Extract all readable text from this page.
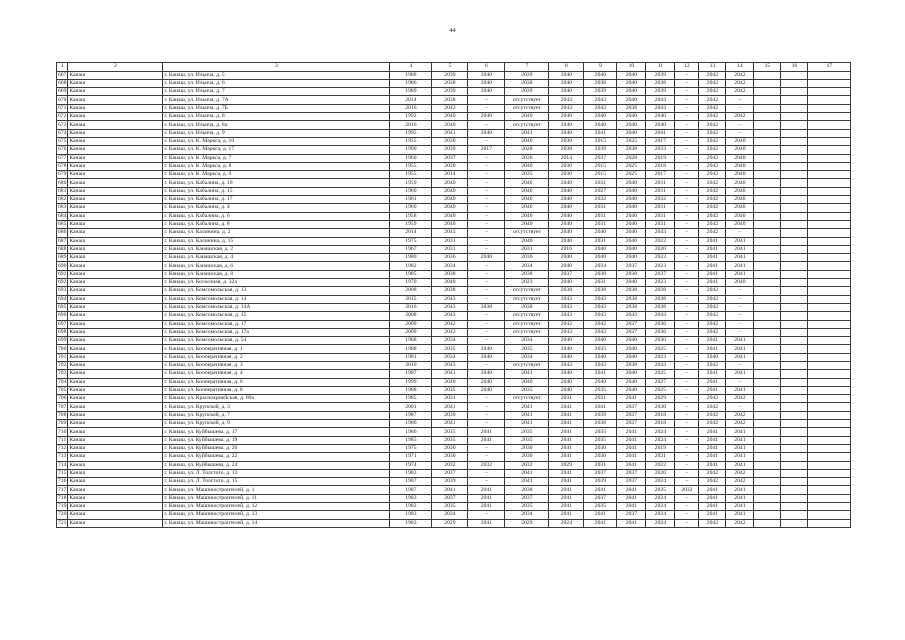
44
1	2	3	4	5	6	7	8	9	10	11	12	13	14	15	16	17
667	Канаш	г. Канаш, ул. Ильича, д. 5	1988	2039	2040	2039	2040	2040	2040	2039	–	2042	2042			
668	Канаш	г. Канаш, ул. Ильича, д. 6	1986	2038	2040	2038	2040	2038	2040	2038	–	2042	2042			
669	Канаш	г. Канаш, ул. Ильича, д. 7	1989	2039	2040	2039	2040	2039	2040	2039	–	2042	2042			
670	Канаш	г. Канаш, ул. Ильича, д. 7А	2014	2038	–	отсутствует	2043	2043	2040	2043	–	2042	–			
671	Канаш	г. Канаш, ул. Ильича, д. 7Б	2016	2043	–	отсутствует	2043	2043	2038	2043	–	2042	–			
672	Канаш	г. Канаш, ул. Ильича, д. 8	1992	2040	2040	2040	2040	2040	2040	2040	–	2042	2042			
673	Канаш	г. Канаш, ул. Ильича, д. 8а	2016	2040	–	отсутствует	2040	2040	2040	2040	–	2042	–			
674	Канаш	г. Канаш, ул. Ильича, д. 9	1995	2041	2040	2041	2040	2041	2040	2041	–	2042	–			
675	Канаш	г. Канаш, ул. К. Маркса, д. 10	1955	2030	–	2040	2030	2015	2025	2017	–	2042	2040			
676	Канаш	г. Канаш, ул. К. Маркса, д. 17	1990	2039	2017	2028	2038	2039	2038	2033	–	2042	2040			
677	Канаш	г. Канаш, ул. К. Маркса, д. 7	1960	2037	–	2026	2014	2037	2028	2019	–	2042	2040			
678	Канаш	г. Канаш, ул. К. Маркса, д. 8	1955	2030	–	2040	2030	2015	2025	2018	–	2042	2040			
679	Канаш	г. Канаш, ул. К. Маркса, д. 9	1955	2014	–	2025	2030	2015	2025	2017	–	2042	2040			
680	Канаш	г. Канаш, ул. Кабалина, д. 10	1959	2040	–	2040	2040	2031	2040	2031	–	2042	2040			
681	Канаш	г. Канаш, ул. Кабалина, д. 15	1960	2040	–	2040	2040	2027	2040	2031	–	2042	2040			
682	Канаш	г. Канаш, ул. Кабалина, д. 17	1961	2040	–	2040	2040	2032	2040	2032	–	2042	2040			
683	Канаш	г. Канаш, ул. Кабалина, д. 4	1960	2040	–	2040	2040	2031	2040	2031	–	2042	2040			
684	Канаш	г. Канаш, ул. Кабалина, д. 6	1958	2040	–	2040	2040	2031	2040	2031	–	2042	2040			
685	Канаш	г. Канаш, ул. Кабалина, д. 8	1959	2040	–	2040	2040	2031	2040	2031	–	2042	2040			
686	Канаш	г. Канаш, ул. Калинина, д. 2	2014	2043	–	отсутствует	2040	2040	2040	2043	–	2042	–			
687	Канаш	г. Канаш, ул. Калинина, д. 15	1975	2031	–	2040	2040	2031	2040	2022	–	2041	2041			
688	Канаш	г. Канаш, ул. Канашская, д. 2	1967	2031	–	2031	2016	2040	2040	2020	–	2041	2041			
689	Канаш	г. Канаш, ул. Канашская, д. 4	1980	2036	2040	2036	2040	2040	2040	2023	–	2041	2041			
690	Канаш	г. Канаш, ул. Канашская, д. 6	1982	2034	–	2034	2040	2034	2037	2023	–	2041	2041			
691	Канаш	г. Канаш, ул. Канашская, д. 8	1985	2038	–	2038	2037	2038	2038	2037	–	2041	2041			
692	Канаш	г. Канаш, ул. Колхозная, д. 32а	1970	2040	–	2023	2040	2031	2040	2023	–	2041	2040			
693	Канаш	г. Канаш, ул. Комсомольская, д. 13	2008	2038	–	отсутствует	2038	2038	2038	2038	–	2042	–			
694	Канаш	г. Канаш, ул. Комсомольская, д. 14	2015	2043	–	отсутствует	2043	2043	2038	2038	–	2042	–			
695	Канаш	г. Канаш, ул. Комсомольская, д. 14А	2016	2043	2038	2038	2043	2043	2038	2038	–	2042	–			
696	Канаш	г. Канаш, ул. Комсомольская, д. 15	2008	2043	–	отсутствует	2043	2043	2043	2043	–	2042	–			
697	Канаш	г. Канаш, ул. Комсомольская, д. 17	2009	2042	–	отсутствует	2042	2042	2037	2036	–	2042	–			
698	Канаш	г. Канаш, ул. Комсомольская, д. 17а	2009	2043	–	отсутствует	2043	2043	2037	2036	–	2042	–			
699	Канаш	г. Канаш, ул. Комсомольская, д. 54	1968	2034	–	2034	2040	2040	2040	2030	–	2041	2041			
700	Канаш	г. Канаш, ул. Кооперативная, д. 1	1988	2035	2040	2035	2040	2035	2040	2025	–	2041	2041			
701	Канаш	г. Канаш, ул. Кооперативная, д. 2	1981	2034	2040	2034	2040	2040	2040	2023	–	2040	2041			
702	Канаш	г. Канаш, ул. Кооперативная, д. 3	2010	2043	–	отсутствует	2043	2043	2038	2043	–	2042	–			
703	Канаш	г. Канаш, ул. Кооперативная, д. 4	1987	2041	2040	2041	2040	2041	2040	2025	–	2041	2041			
704	Канаш	г. Канаш, ул. Кооперативная, д. 6	1999	2040	2040	2040	2040	2040	2040	2027	–	2041	–			
705	Канаш	г. Канаш, ул. Кооперативная, д. 8	1988	2035	2040	2035	2040	2035	2040	2025	–	2041	2041			
706	Канаш	г. Канаш, ул. Красноармейская, д. 69а	1985	2031	–	отсутствует	2031	2031	2041	2029	–	2042	2042			
707	Канаш	г. Канаш, ул. Крупской, д. 3	2001	2041	–	2041	2041	2041	2037	2030	–	2042	–			
708	Канаш	г. Канаш, ул. Крупской, д. 7	1987	2039	–	2041	2041	2039	2037	2018	–	2042	2042			
709	Канаш	г. Канаш, ул. Крупской, д. 9	1986	2041	–	2041	2041	2038	2037	2018	–	2042	2042			
710	Канаш	г. Канаш, ул. Куйбышева, д. 17	1986	2035	2041	2035	2041	2035	2041	2024	–	2041	2041			
711	Канаш	г. Канаш, ул. Куйбышева, д. 19	1985	2035	2041	2035	2041	2035	2041	2024	–	2041	2041			
712	Канаш	г. Канаш, ул. Куйбышева, д. 20	1975	2030	–	2030	2041	2030	2041	2019	–	2041	2041			
713	Канаш	г. Канаш, ул. Куйбышева, д. 22	1971	2030	–	2030	2041	2030	2041	2021	–	2041	2041			
714	Канаш	г. Канаш, ул. Куйбышева, д. 24	1974	2032	2032	2032	2029	2031	2041	2022	–	2041	2041			
715	Канаш	г. Канаш, ул. Л. Толстого, д. 13	1983	2037	–	2041	2041	2037	2037	2020	–	2042	2042			
716	Канаш	г. Канаш, ул. Л. Толстого, д. 15	1987	2039	–	2041	2041	2039	2037	2024	–	2042	2042			
717	Канаш	г. Канаш, ул. Машиностроителей, д. 1	1987	2041	2041	2038	2041	2041	2041	2025	2032	2041	2041			
718	Канаш	г. Канаш, ул. Машиностроителей, д. 11	1983	2037	2041	2037	2041	2037	2041	2024	–	2041	2041			
719	Канаш	г. Канаш, ул. Машиностроителей, д. 12	1982	2035	2041	2035	2041	2035	2041	2024	–	2041	2041			
720	Канаш	г. Канаш, ул. Машиностроителей, д. 13	1983	2034	–	2034	2041	2041	2037	2024	–	2041	2041			
721	Канаш	г. Канаш, ул. Машиностроителей, д. 14	1983	2029	2041	2029	2024	2041	2041	2024	–	2042	2042			
